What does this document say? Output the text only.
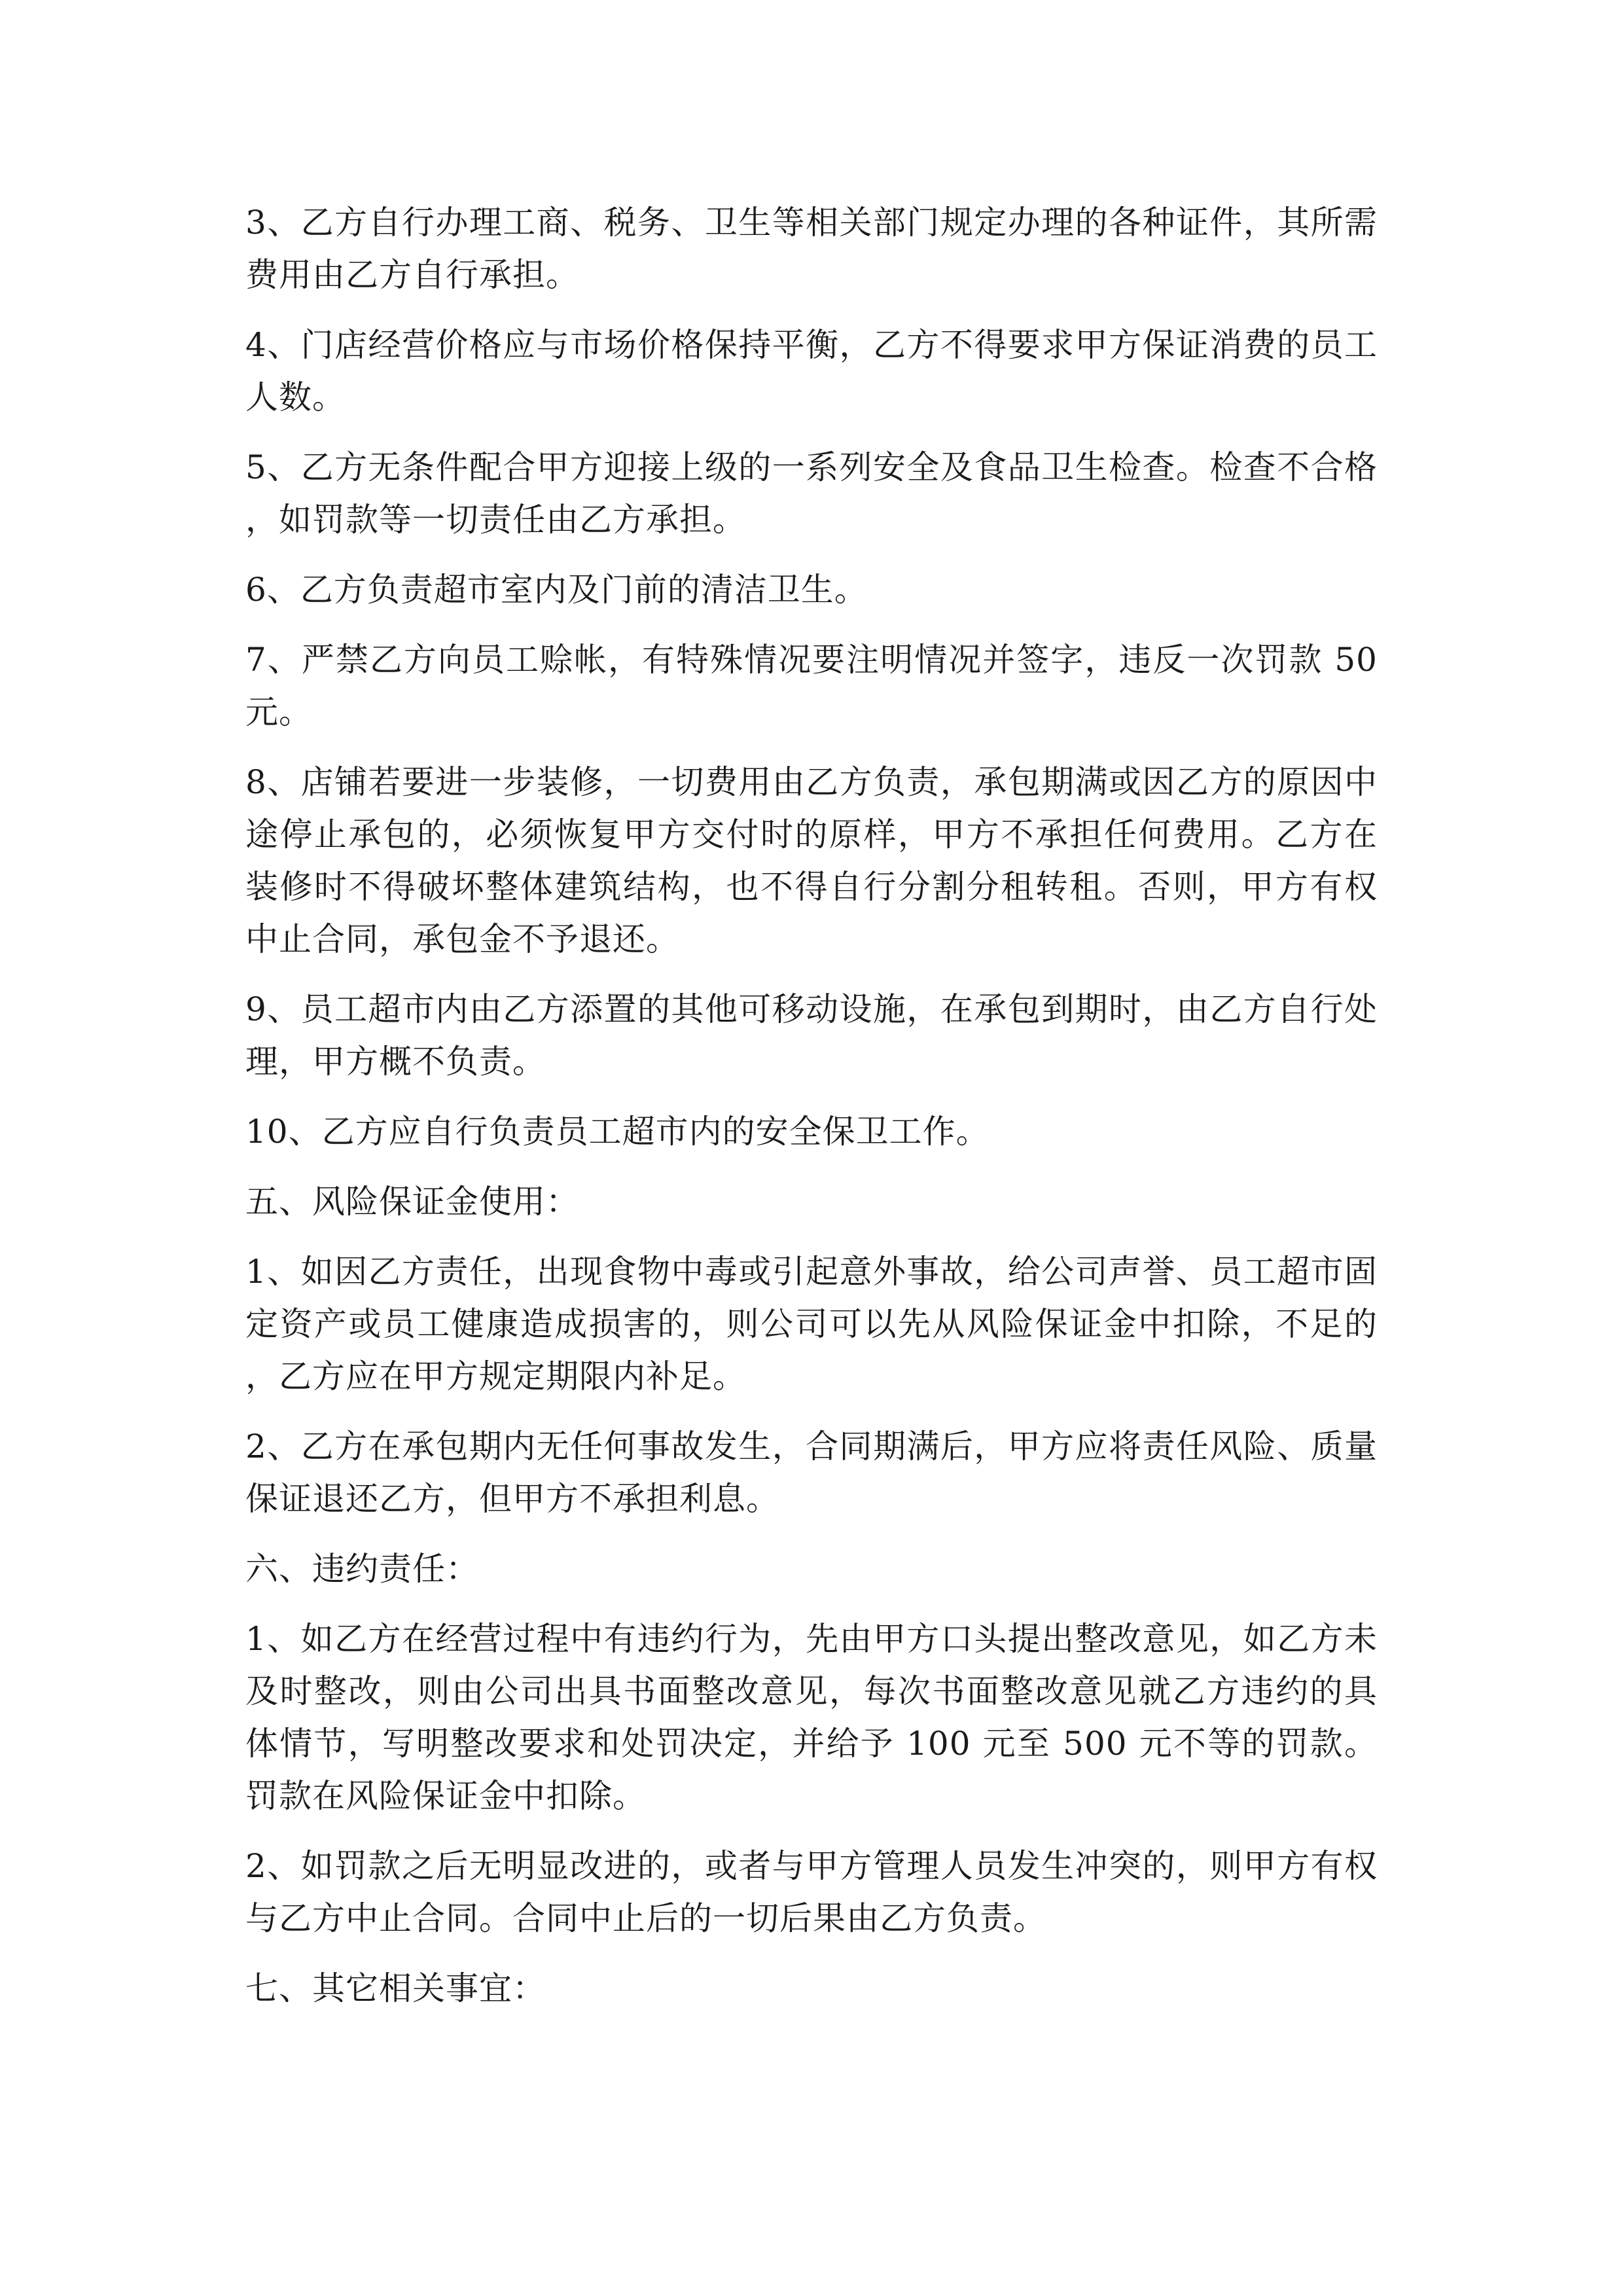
3、乙方自行办理工商、税务、卫生等相关部门规定办理的各种证件，其所需费用由乙方自行承担。

4、门店经营价格应与市场价格保持平衡，乙方不得要求甲方保证消费的员工人数。

5、乙方无条件配合甲方迎接上级的一系列安全及食品卫生检查。检查不合格，如罚款等一切责任由乙方承担。

6、乙方负责超市室内及门前的清洁卫生。

7、严禁乙方向员工赊帐，有特殊情况要注明情况并签字，违反一次罚款 50 元。

8、店铺若要进一步装修，一切费用由乙方负责，承包期满或因乙方的原因中途停止承包的，必须恢复甲方交付时的原样，甲方不承担任何费用。乙方在装修时不得破坏整体建筑结构，也不得自行分割分租转租。否则，甲方有权中止合同，承包金不予退还。

9、员工超市内由乙方添置的其他可移动设施，在承包到期时，由乙方自行处理，甲方概不负责。

10、乙方应自行负责员工超市内的安全保卫工作。

五、风险保证金使用：

1、如因乙方责任，出现食物中毒或引起意外事故，给公司声誉、员工超市固定资产或员工健康造成损害的，则公司可以先从风险保证金中扣除，不足的，乙方应在甲方规定期限内补足。

2、乙方在承包期内无任何事故发生，合同期满后，甲方应将责任风险、质量保证退还乙方，但甲方不承担利息。

六、违约责任：

1、如乙方在经营过程中有违约行为，先由甲方口头提出整改意见，如乙方未及时整改，则由公司出具书面整改意见，每次书面整改意见就乙方违约的具体情节，写明整改要求和处罚决定，并给予 100 元至 500 元不等的罚款。罚款在风险保证金中扣除。

2、如罚款之后无明显改进的，或者与甲方管理人员发生冲突的，则甲方有权与乙方中止合同。合同中止后的一切后果由乙方负责。

七、其它相关事宜：
